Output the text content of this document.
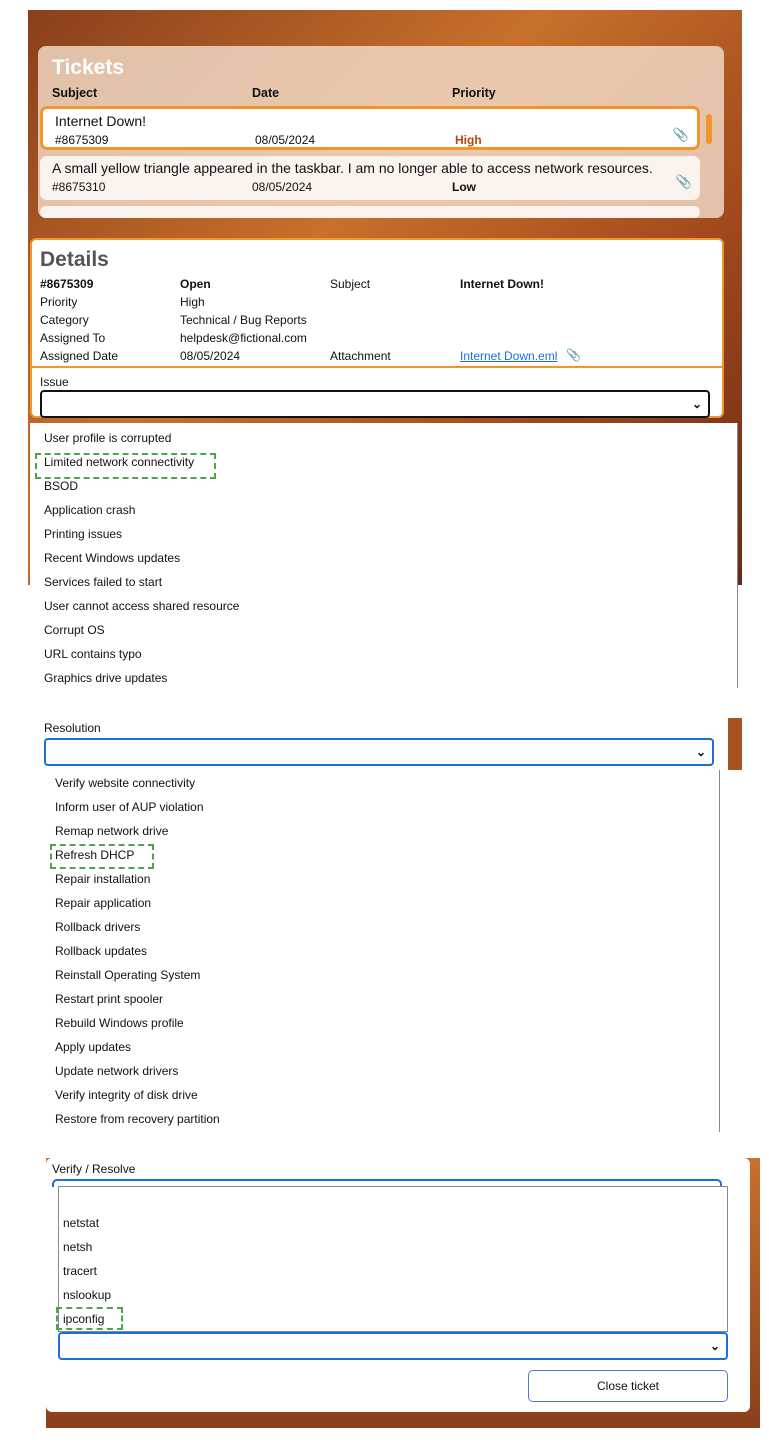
Tickets
Subject	Date	Priority
Internet Down!
#8675309	08/05/2024	High	📎
A small yellow triangle appeared in the taskbar. I am no longer able to access network resources.
#8675310	08/05/2024	Low	📎
Details
#8675309	Open	Subject	Internet Down!
Priority	High
Category	Technical / Bug Reports
Assigned To	helpdesk@fictional.com
Assigned Date	08/05/2024	Attachment	Internet Down.eml 📎
Issue
⌄
User profile is corrupted
Limited network connectivity
BSOD
Application crash
Printing issues
Recent Windows updates
Services failed to start
User cannot access shared resource
Corrupt OS
URL contains typo
Graphics drive updates
Resolution
⌄
Verify website connectivity
Inform user of AUP violation
Remap network drive
Refresh DHCP
Repair installation
Repair application
Rollback drivers
Rollback updates
Reinstall Operating System
Restart print spooler
Rebuild Windows profile
Apply updates
Update network drivers
Verify integrity of disk drive
Restore from recovery partition
Verify / Resolve
netstat
netsh
tracert
nslookup
ipconfig
⌄
Close ticket
